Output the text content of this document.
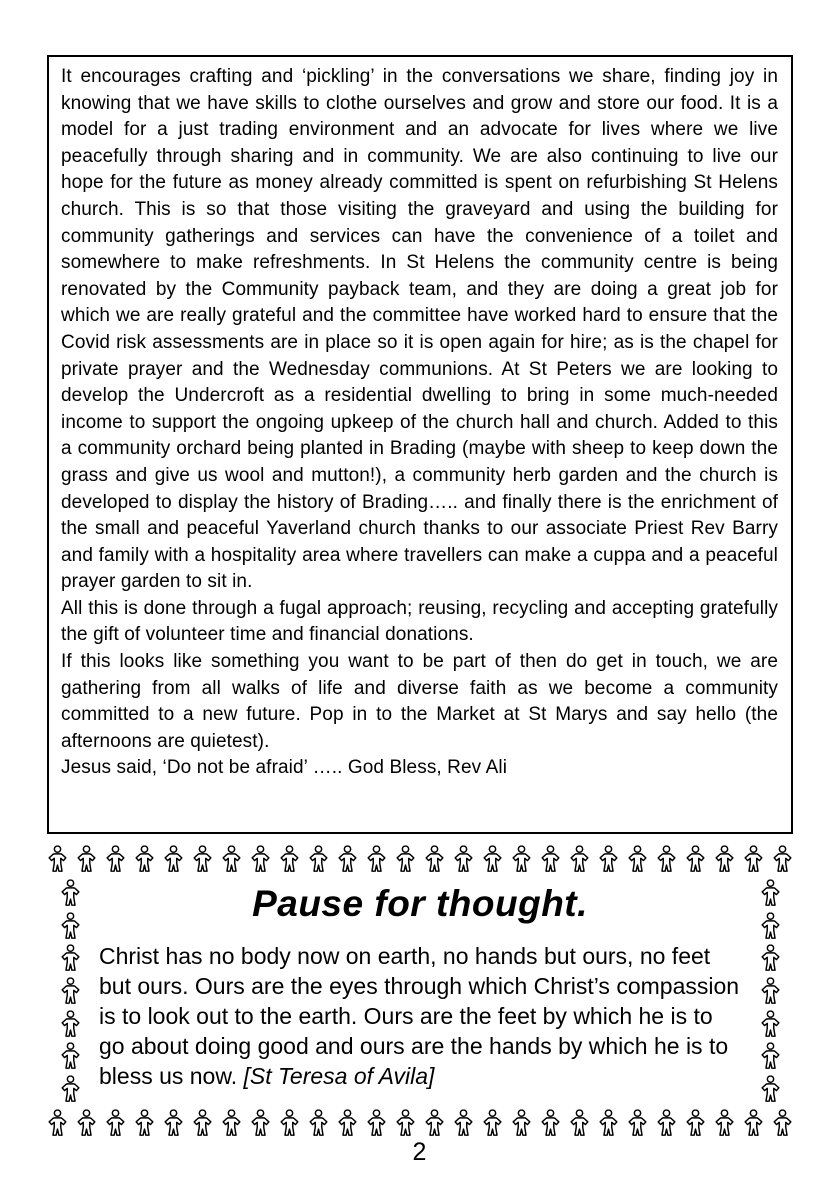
It encourages crafting and ‘pickling’ in the conversations we share, finding joy in knowing that we have skills to clothe ourselves and grow and store our food. It is a model for a just trading environment and an advocate for lives where we live peacefully through sharing and in community. We are also continuing to live our hope for the future as money already committed is spent on refurbishing St Helens church. This is so that those visiting the graveyard and using the building for community gatherings and services can have the convenience of a toilet and somewhere to make refreshments. In St Helens the community centre is being renovated by the Community payback team, and they are doing a great job for which we are really grateful and the committee have worked hard to ensure that the Covid risk assessments are in place so it is open again for hire; as is the chapel for private prayer and the Wednesday communions. At St Peters we are looking to develop the Undercroft as a residential dwelling to bring in some much-needed income to support the ongoing upkeep of the church hall and church. Added to this a community orchard being planted in Brading (maybe with sheep to keep down the grass and give us wool and mutton!), a community herb garden and the church is developed to display the history of Brading….. and finally there is the enrichment of the small and peaceful Yaverland church thanks to our associate Priest Rev Barry and family with a hospitality area where travellers can make a cuppa and a peaceful prayer garden to sit in.

All this is done through a fugal approach; reusing, recycling and accepting gratefully the gift of volunteer time and financial donations.

If this looks like something you want to be part of then do get in touch, we are gathering from all walks of life and diverse faith as we become a community committed to a new future. Pop in to the Market at St Marys and say hello (the afternoons are quietest).

Jesus said, ‘Do not be afraid’ ….. God Bless, Rev Ali

Pause for thought.

Christ has no body now on earth, no hands but ours, no feet but ours. Ours are the eyes through which Christ’s compassion is to look out to the earth. Ours are the feet by which he is to go about doing good and ours are the hands by which he is to bless us now. [St Teresa of Avila]

2
